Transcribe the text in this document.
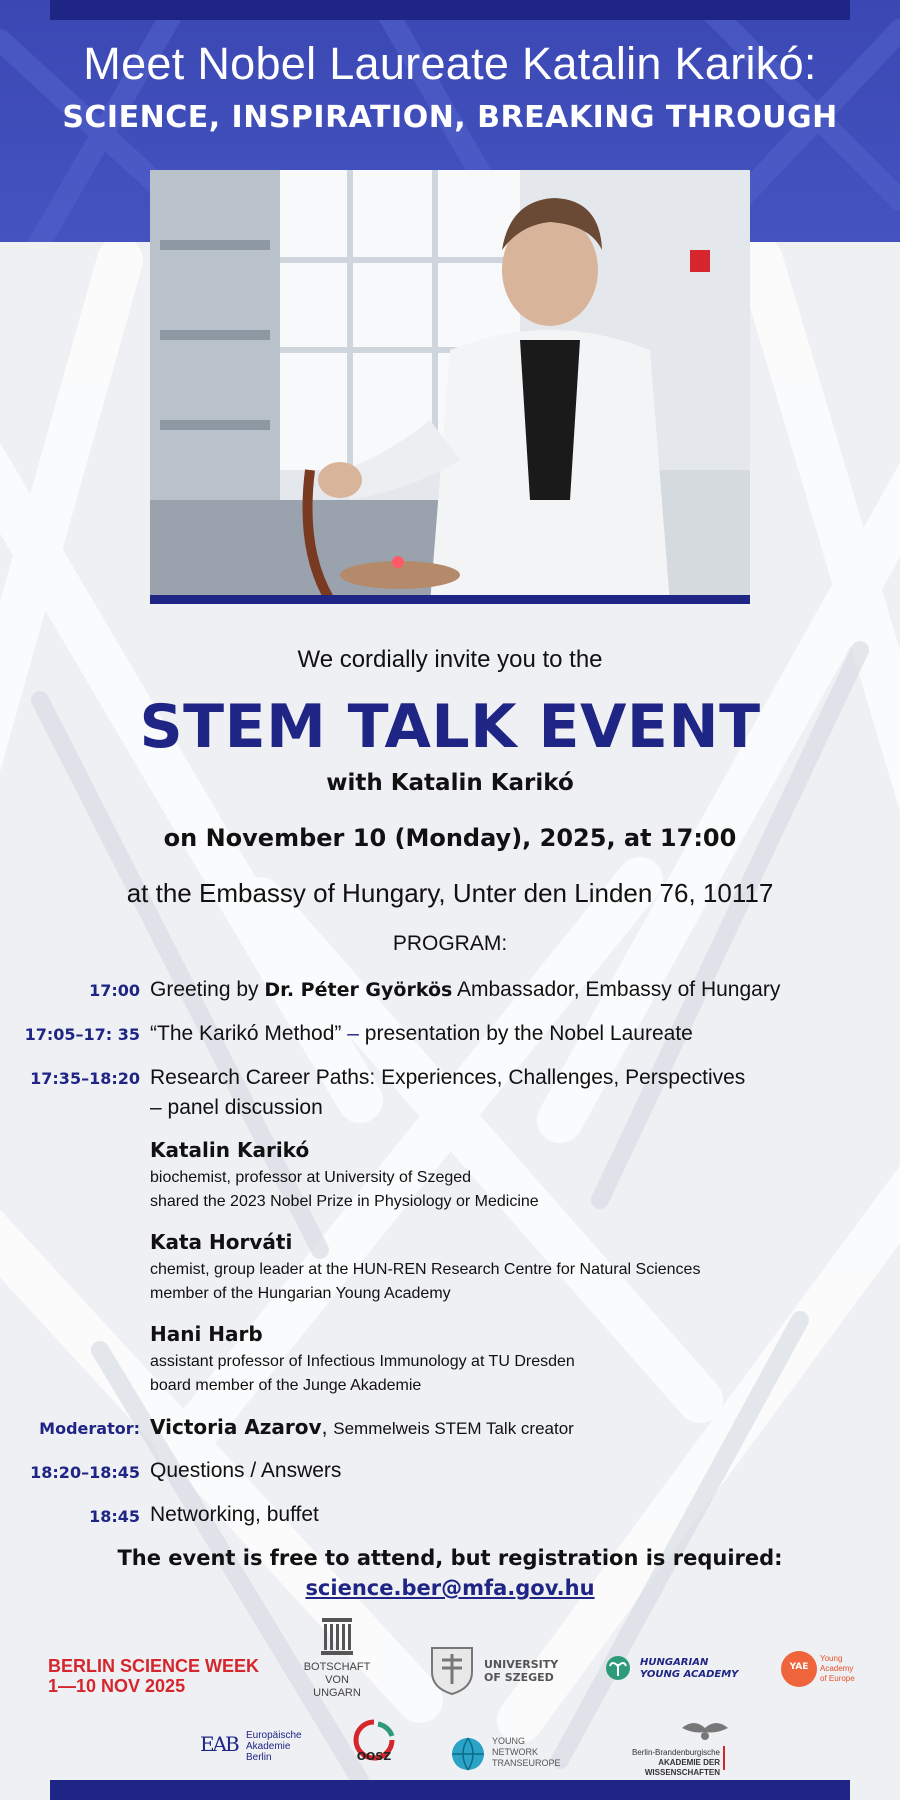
Meet Nobel Laureate Katalin Karikó:
SCIENCE, INSPIRATION, BREAKING THROUGH
We cordially invite you to the
STEM TALK EVENT
with Katalin Karikó
on November 10 (Monday), 2025, at 17:00
at the Embassy of Hungary, Unter den Linden 76, 10117
PROGRAM:
17:00 Greeting by Dr. Péter Györkös Ambassador, Embassy of Hungary
17:05–17: 35 “The Karikó Method” – presentation by the Nobel Laureate
17:35–18:20 Research Career Paths: Experiences, Challenges, Perspectives
– panel discussion
Katalin Karikó
biochemist, professor at University of Szeged
shared the 2023 Nobel Prize in Physiology or Medicine
Kata Horváti
chemist, group leader at the HUN-REN Research Centre for Natural Sciences
member of the Hungarian Young Academy
Hani Harb
assistant professor of Infectious Immunology at TU Dresden
board member of the Junge Akademie
Moderator: Victoria Azarov, Semmelweis STEM Talk creator
18:20–18:45 Questions / Answers
18:45 Networking, buffet
The event is free to attend, but registration is required:
science.ber@mfa.gov.hu
BERLIN SCIENCE WEEK
1—10 NOV 2025
BOTSCHAFT
VON
UNGARN
UNIVERSITY
OF SZEGED
HUNGARIAN
YOUNG ACADEMY
YAE
Young
Academy
of Europe
EAB Europäische
Akademie
Berlin	OOSZ
YOUNG
NETWORK
TRANSEUROPE
Berlin-Brandenburgische
AKADEMIE DER WISSENSCHAFTEN
